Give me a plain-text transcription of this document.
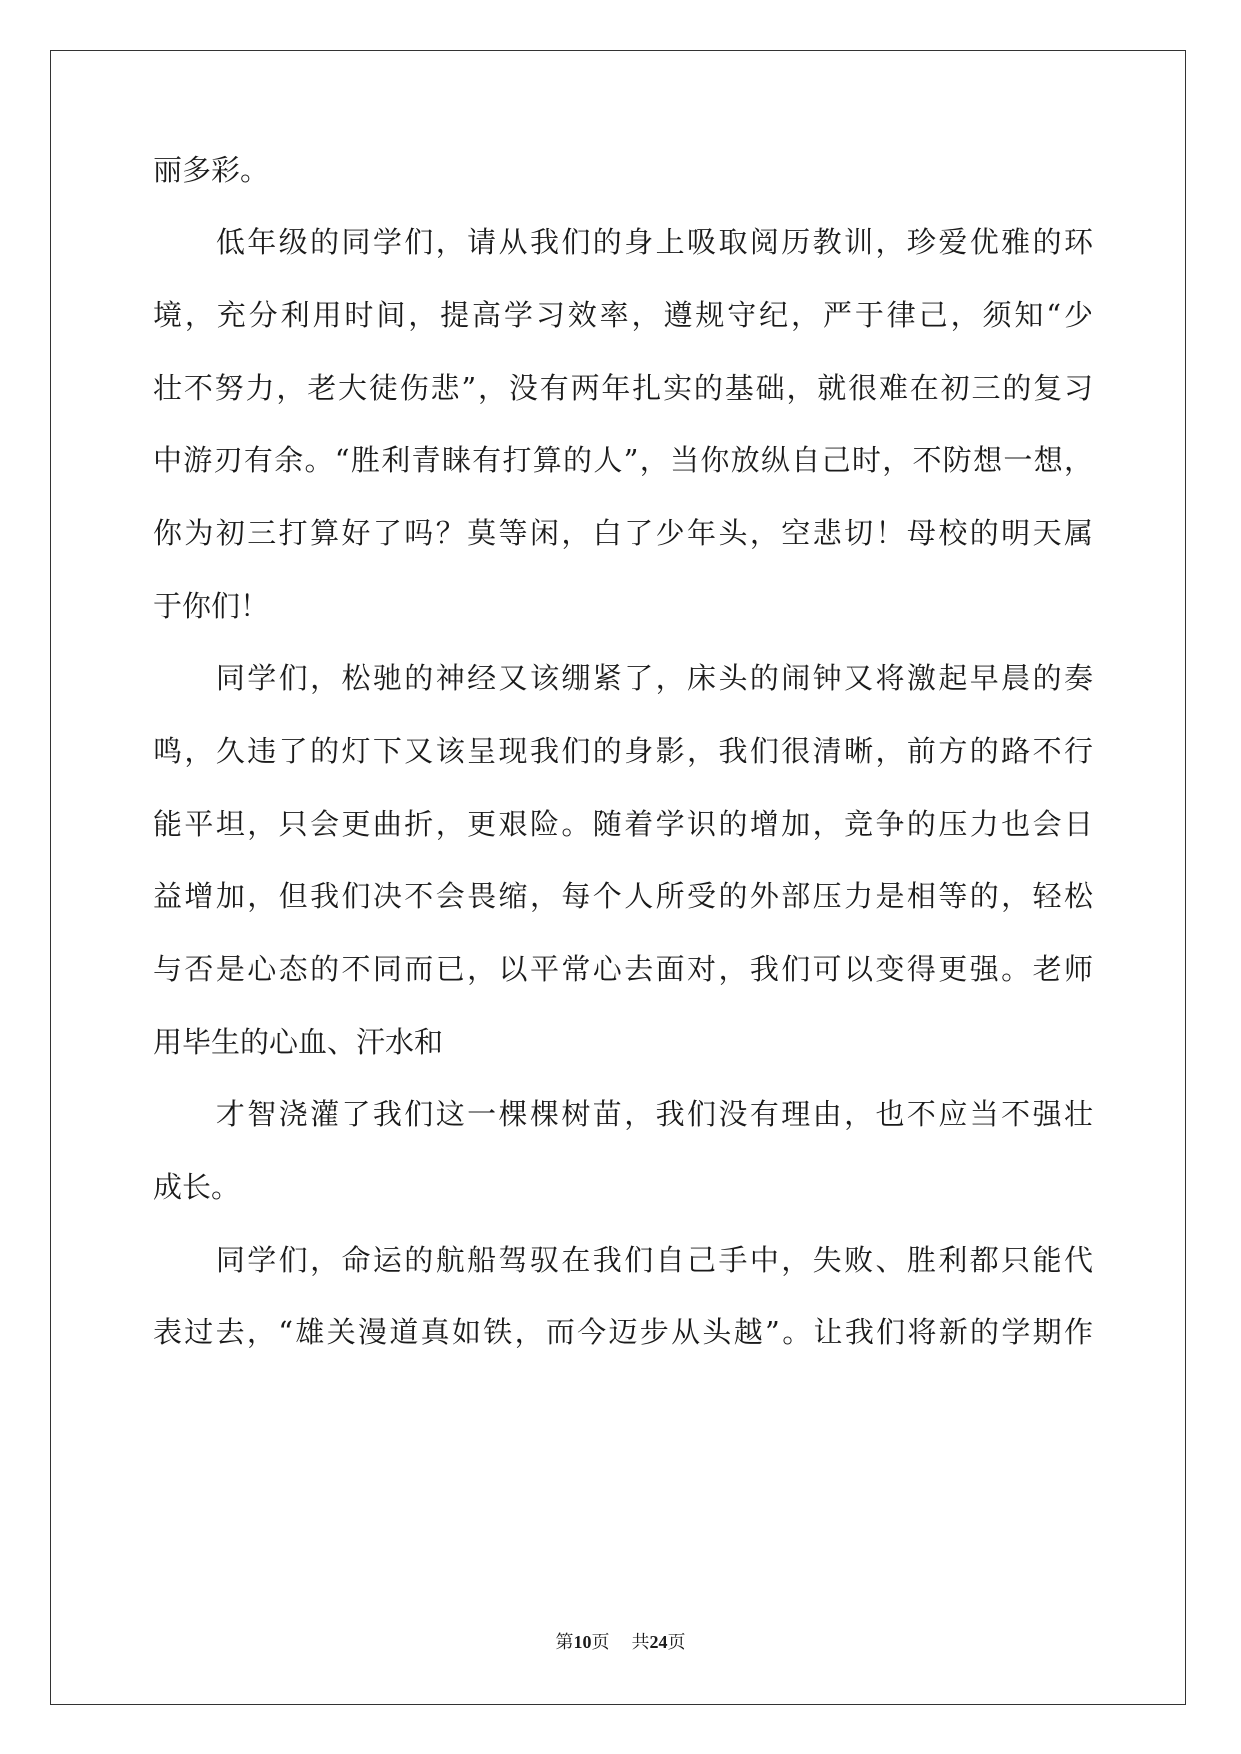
丽多彩。
　　低年级的同学们，请从我们的身上吸取阅历教训，珍爱优雅的环
境，充分利用时间，提高学习效率，遵规守纪，严于律己，须知“少
壮不努力，老大徒伤悲”，没有两年扎实的基础，就很难在初三的复习
中游刃有余。“胜利青睐有打算的人”，当你放纵自己时，不防想一想，
你为初三打算好了吗？莫等闲，白了少年头，空悲切！母校的明天属
于你们！
　　同学们，松驰的神经又该绷紧了，床头的闹钟又将激起早晨的奏
鸣，久违了的灯下又该呈现我们的身影，我们很清晰，前方的路不行
能平坦，只会更曲折，更艰险。随着学识的增加，竞争的压力也会日
益增加，但我们决不会畏缩，每个人所受的外部压力是相等的，轻松
与否是心态的不同而已，以平常心去面对，我们可以变得更强。老师
用毕生的心血、汗水和
　　才智浇灌了我们这一棵棵树苗，我们没有理由，也不应当不强壮
成长。
　　同学们，命运的航船驾驭在我们自己手中，失败、胜利都只能代
表过去，“雄关漫道真如铁，而今迈步从头越”。让我们将新的学期作
第10页 共24页
